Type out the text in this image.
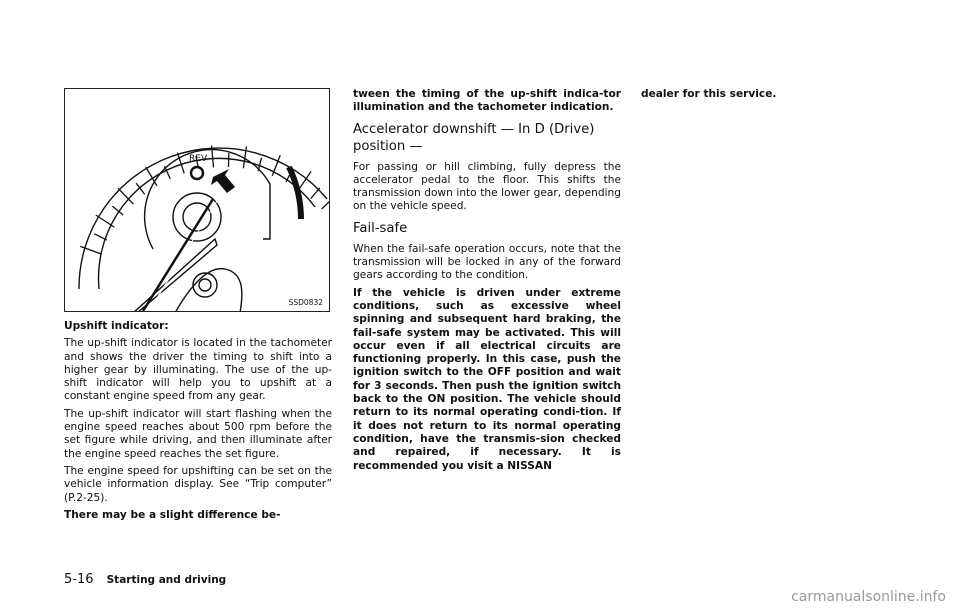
REV
SSD0832

Upshift indicator:

The up-shift indicator is located in the tachometer and shows the driver the timing to shift into a higher gear by illuminating. The use of the up-shift indicator will help you to upshift at a constant engine speed from any gear.

The up-shift indicator will start flashing when the engine speed reaches about 500 rpm before the set figure while driving, and then illuminate after the engine speed reaches the set figure.

The engine speed for upshifting can be set on the vehicle information display. See “Trip computer” (P.2-25).

There may be a slight difference be-

tween the timing of the up-shift indica-tor illumination and the tachometer indication.

Accelerator downshift — In D (Drive) position —

For passing or hill climbing, fully depress the accelerator pedal to the floor. This shifts the transmission down into the lower gear, depending on the vehicle speed.

Fail-safe

When the fail-safe operation occurs, note that the transmission will be locked in any of the forward gears according to the condition.

If the vehicle is driven under extreme conditions, such as excessive wheel spinning and subsequent hard braking, the fail-safe system may be activated. This will occur even if all electrical circuits are functioning properly. In this case, push the ignition switch to the OFF position and wait for 3 seconds. Then push the ignition switch back to the ON position. The vehicle should return to its normal operating condi-tion. If it does not return to its normal operating condition, have the transmis-sion checked and repaired, if necessary. It is recommended you visit a NISSAN

dealer for this service.

5-16 Starting and driving
carmanualsonline.info
